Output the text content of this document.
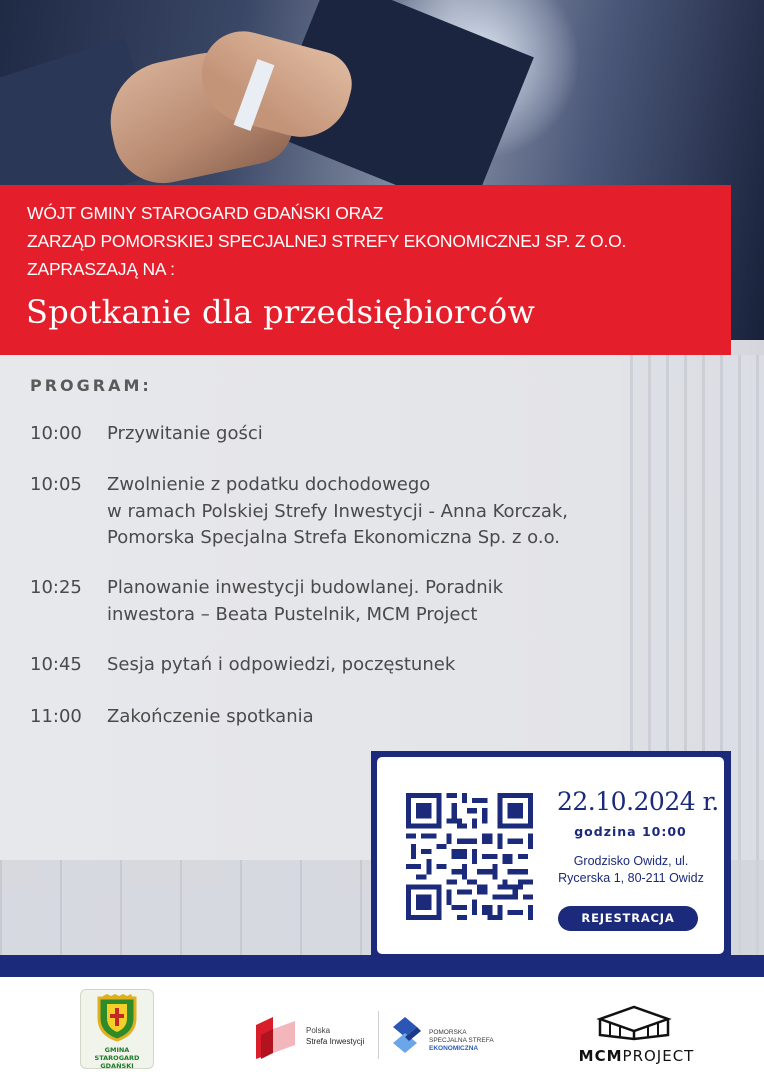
WÓJT GMINY STAROGARD GDAŃSKI ORAZ
ZARZĄD POMORSKIEJ SPECJALNEJ STREFY EKONOMICZNEJ SP. Z O.O.
ZAPRASZAJĄ NA :
Spotkanie dla przedsiębiorców
PROGRAM:
10:00	Przywitanie gości
10:05	Zwolnienie z podatku dochodowego
w ramach Polskiej Strefy Inwestycji - Anna Korczak,
Pomorska Specjalna Strefa Ekonomiczna Sp. z o.o.
10:25	Planowanie inwestycji budowlanej. Poradnik
inwestora – Beata Pustelnik, MCM Project
10:45	Sesja pytań i odpowiedzi, poczęstunek
11:00	Zakończenie spotkania
22.10.2024 r.
godzina 10:00
Grodzisko Owidz, ul.
Rycerska 1, 80-211 Owidz
REJESTRACJA
GMINA
STAROGARD GDAŃSKI
Polska
Strefa Inwestycji
POMORSKA
SPECJALNA STREFA
EKONOMICZNA	MCMPROJECT
